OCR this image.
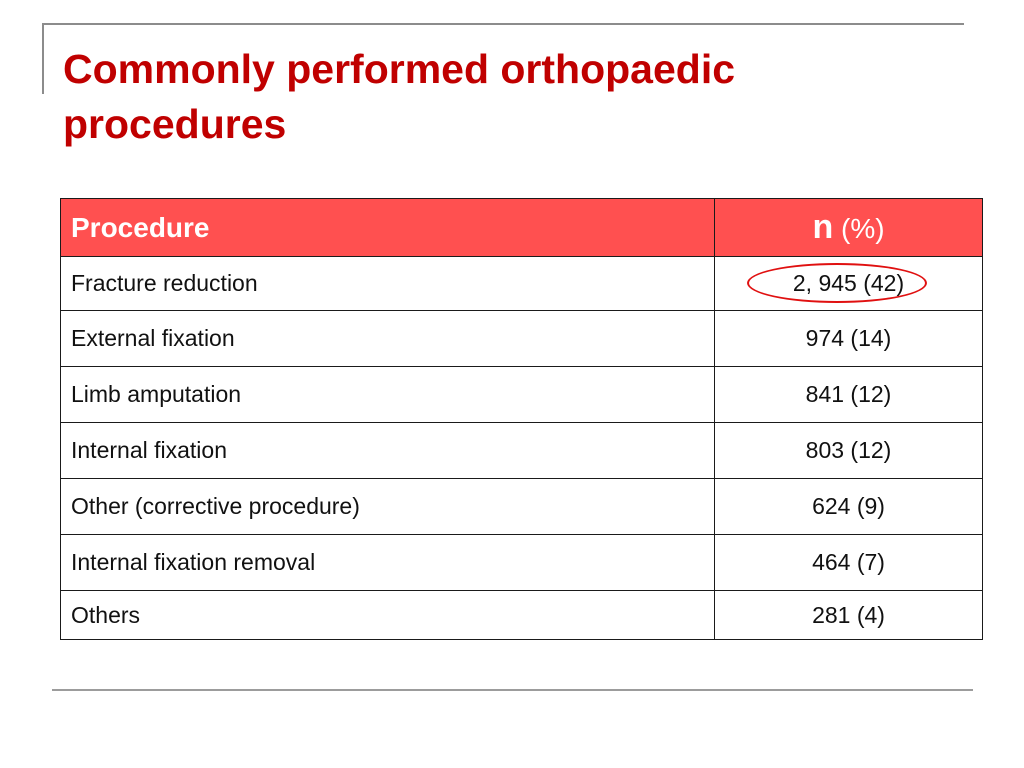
Commonly performed orthopaedic procedures
Procedure	n (%)
Fracture reduction	2, 945 (42)
External fixation	974 (14)
Limb amputation	841 (12)
Internal fixation	803 (12)
Other (corrective procedure)	624 (9)
Internal fixation removal	464 (7)
Others	281 (4)
